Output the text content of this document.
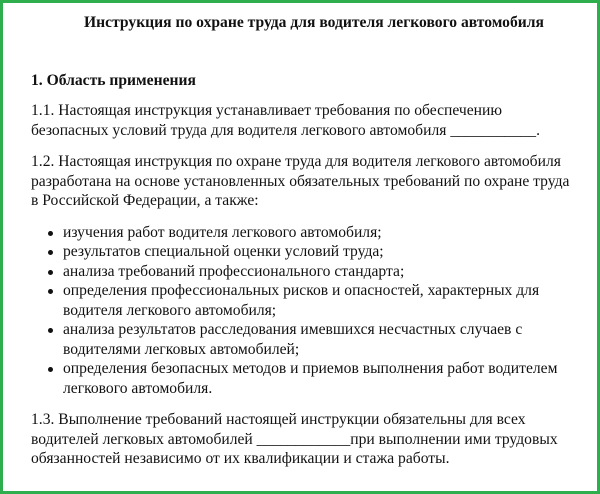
Инструкция по охране труда для водителя легкового автомобиля

1. Область применения

1.1. Настоящая инструкция устанавливает требования по обеспечению безопасных условий труда для водителя легкового автомобиля ___________.

1.2. Настоящая инструкция по охране труда для водителя легкового автомобиля разработана на основе установленных обязательных требований по охране труда в Российской Федерации, а также:

изучения работ водителя легкового автомобиля;
результатов специальной оценки условий труда;
анализа требований профессионального стандарта;
определения профессиональных рисков и опасностей, характерных для водителя легкового автомобиля;
анализа результатов расследования имевшихся несчастных случаев с водителями легковых автомобилей;
определения безопасных методов и приемов выполнения работ водителем легкового автомобиля.

1.3. Выполнение требований настоящей инструкции обязательны для всех водителей легковых автомобилей ____________при выполнении ими трудовых обязанностей независимо от их квалификации и стажа работы.
